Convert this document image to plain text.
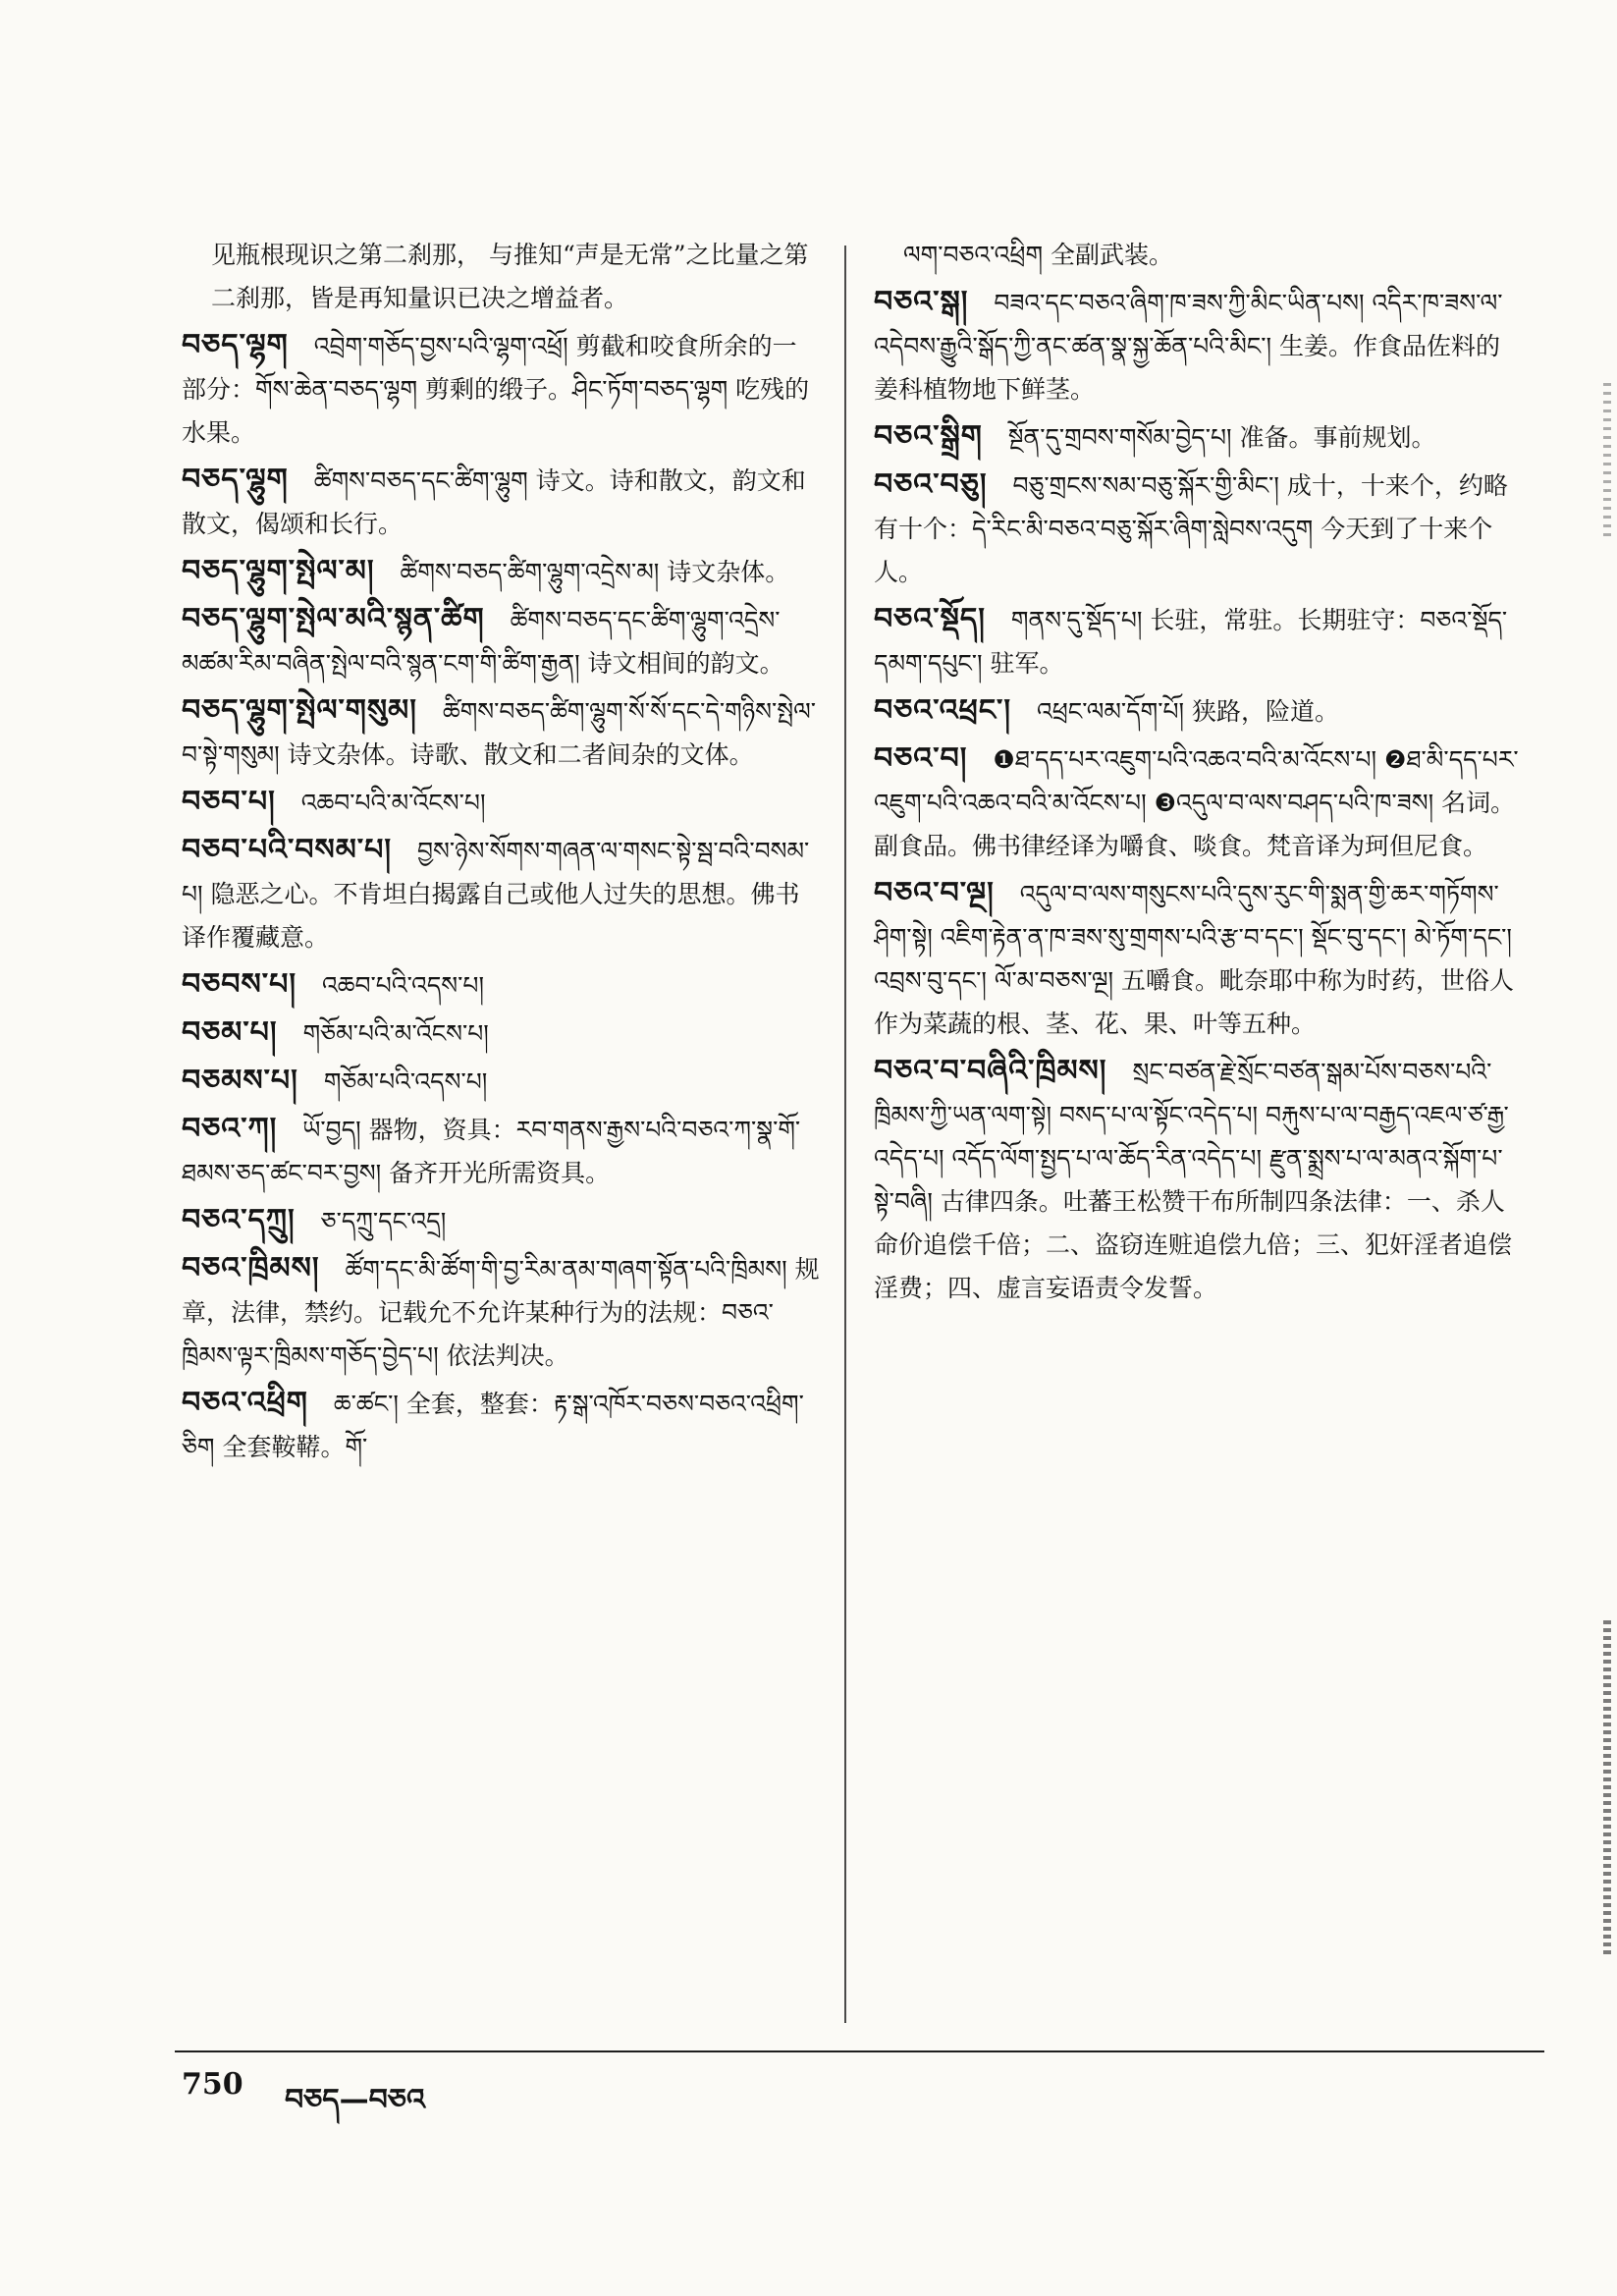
见瓶根现识之第二刹那， 与推知“声是无常”之比量之第二刹那，皆是再知量识已决之增益者。
བཅད་ལྷག འབྲེག་གཅོད་བྱས་པའི་ལྷག་འཕྲོ། 剪截和咬食所余的一部分：གོས་ཆེན་བཅད་ལྷག 剪剩的缎子。ཤིང་ཏོག་བཅད་ལྷག 吃残的水果。
བཅད་ལྷུག ཚིགས་བཅད་དང་ཚིག་ལྷུག 诗文。诗和散文，韵文和散文，偈颂和长行。
བཅད་ལྷུག་སྤེལ་མ། ཚིགས་བཅད་ཚིག་ལྷུག་འདྲེས་མ། 诗文杂体。
བཅད་ལྷུག་སྤེལ་མའི་སྙན་ཚིག ཚིགས་བཅད་དང་ཚིག་ལྷུག་འདྲེས་མཚམ་རིམ་བཞིན་སྤེལ་བའི་སྙན་ངག་གི་ཚིག་རྒྱན། 诗文相间的韵文。
བཅད་ལྷུག་སྤེལ་གསུམ། ཚིགས་བཅད་ཚིག་ལྷུག་སོ་སོ་དང་དེ་གཉིས་སྤེལ་བ་སྟེ་གསུམ། 诗文杂体。诗歌、散文和二者间杂的文体。
བཅབ་པ། འཆབ་པའི་མ་འོངས་པ།
བཅབ་པའི་བསམ་པ། བྱས་ཉེས་སོགས་གཞན་ལ་གསང་སྟེ་སྦ་བའི་བསམ་པ། 隐恶之心。不肯坦白揭露自己或他人过失的思想。佛书译作覆藏意。
བཅབས་པ། འཆབ་པའི་འདས་པ།
བཅམ་པ། གཅོམ་པའི་མ་འོངས་པ།
བཅམས་པ། གཅོམ་པའི་འདས་པ།
བཅའ་ཀ། ཡོ་བྱད། 器物，资具：རབ་གནས་རྒྱས་པའི་བཅའ་ཀ་སྣ་གོ་ཐམས་ཅད་ཚང་བར་བྱས། 备齐开光所需资具。
བཅའ་དཀྲུ། ཅ་དཀྲུ་དང་འདྲ།
བཅའ་ཁྲིམས། ཚོག་དང་མི་ཚོག་གི་བྱ་རིམ་ནམ་གཞག་སྟོན་པའི་ཁྲིམས། 规章，法律，禁约。记载允不允许某种行为的法规：བཅའ་ཁྲིམས་ལྟར་ཁྲིམས་གཅོད་བྱེད་པ། 依法判决。
བཅའ་འཕྲིག ཆ་ཚང་། 全套，整套：རྟ་སྒ་འཁོར་བཅས་བཅའ་འཕྲིག་ཅིག 全套鞍鞯。གོ་
ལག་བཅའ་འཕྲིག 全副武装。
བཅའ་སྒ། བཟའ་དང་བཅའ་ཞིག་ཁ་ཟས་ཀྱི་མིང་ཡིན་པས། འདིར་ཁ་ཟས་ལ་འདེབས་རྒྱུའི་སྒོད་ཀྱི་ནང་ཚན་སྣ་སྐྱ་ཆོན་པའི་མིང་། 生姜。作食品佐料的姜科植物地下鲜茎。
བཅའ་སྒྲིག སྔོན་དུ་གྲབས་གསོམ་བྱེད་པ། 准备。事前规划。
བཅའ་བཅུ། བཅུ་གྲངས་སམ་བཅུ་སྐོར་གྱི་མིང་། 成十，十来个，约略有十个：དེ་རིང་མི་བཅའ་བཅུ་སྐོར་ཞིག་སླེབས་འདུག 今天到了十来个人。
བཅའ་སྡོད། གནས་དུ་སྡོད་པ། 长驻，常驻。长期驻守：བཅའ་སྡོད་དམག་དཔུང་། 驻军。
བཅའ་འཕྲང་། འཕྲང་ལམ་དོག་པོ། 狭路，险道。
བཅའ་བ། ❶ཐ་དད་པར་འཇུག་པའི་འཆའ་བའི་མ་འོངས་པ། ❷ཐ་མི་དད་པར་འཇུག་པའི་འཆའ་བའི་མ་འོངས་པ། ❸འདུལ་བ་ལས་བཤད་པའི་ཁ་ཟས། 名词。副食品。佛书律经译为嚼食、啖食。梵音译为珂但尼食。
བཅའ་བ་ལྔ། འདུལ་བ་ལས་གསུངས་པའི་དུས་རུང་གི་སྨན་གྱི་ཆར་གཏོགས་ཤིག་སྟེ། འཇིག་རྟེན་ན་ཁ་ཟས་སུ་གྲགས་པའི་རྩ་བ་དང་། སྡོང་བུ་དང་། མེ་ཏོག་དང་། འབྲས་བུ་དང་། ལོ་མ་བཅས་ལྔ། 五嚼食。毗奈耶中称为时药，世俗人作为菜蔬的根、茎、花、果、叶等五种。
བཅའ་བ་བཞིའི་ཁྲིམས། སྲང་བཙན་རྗེ་སྲོང་བཙན་སྒམ་པོས་བཅས་པའི་ཁྲིམས་ཀྱི་ཡན་ལག་སྟེ། བསད་པ་ལ་སྟོང་འདེད་པ། བརྐུས་པ་ལ་བརྒྱད་འཇལ་ཙ་རྒྱ་འདེད་པ། འདོད་ལོག་སྤྱད་པ་ལ་ཆོད་རིན་འདེད་པ། རྫུན་སྨྲས་པ་ལ་མནའ་སྐོག་པ་སྟེ་བཞི། 古律四条。吐蕃王松赞干布所制四条法律：一、杀人命价追偿千倍；二、盗窃连赃追偿九倍；三、犯奸淫者追偿淫费；四、虚言妄语责令发誓。
750 བཅད—བཅའ
